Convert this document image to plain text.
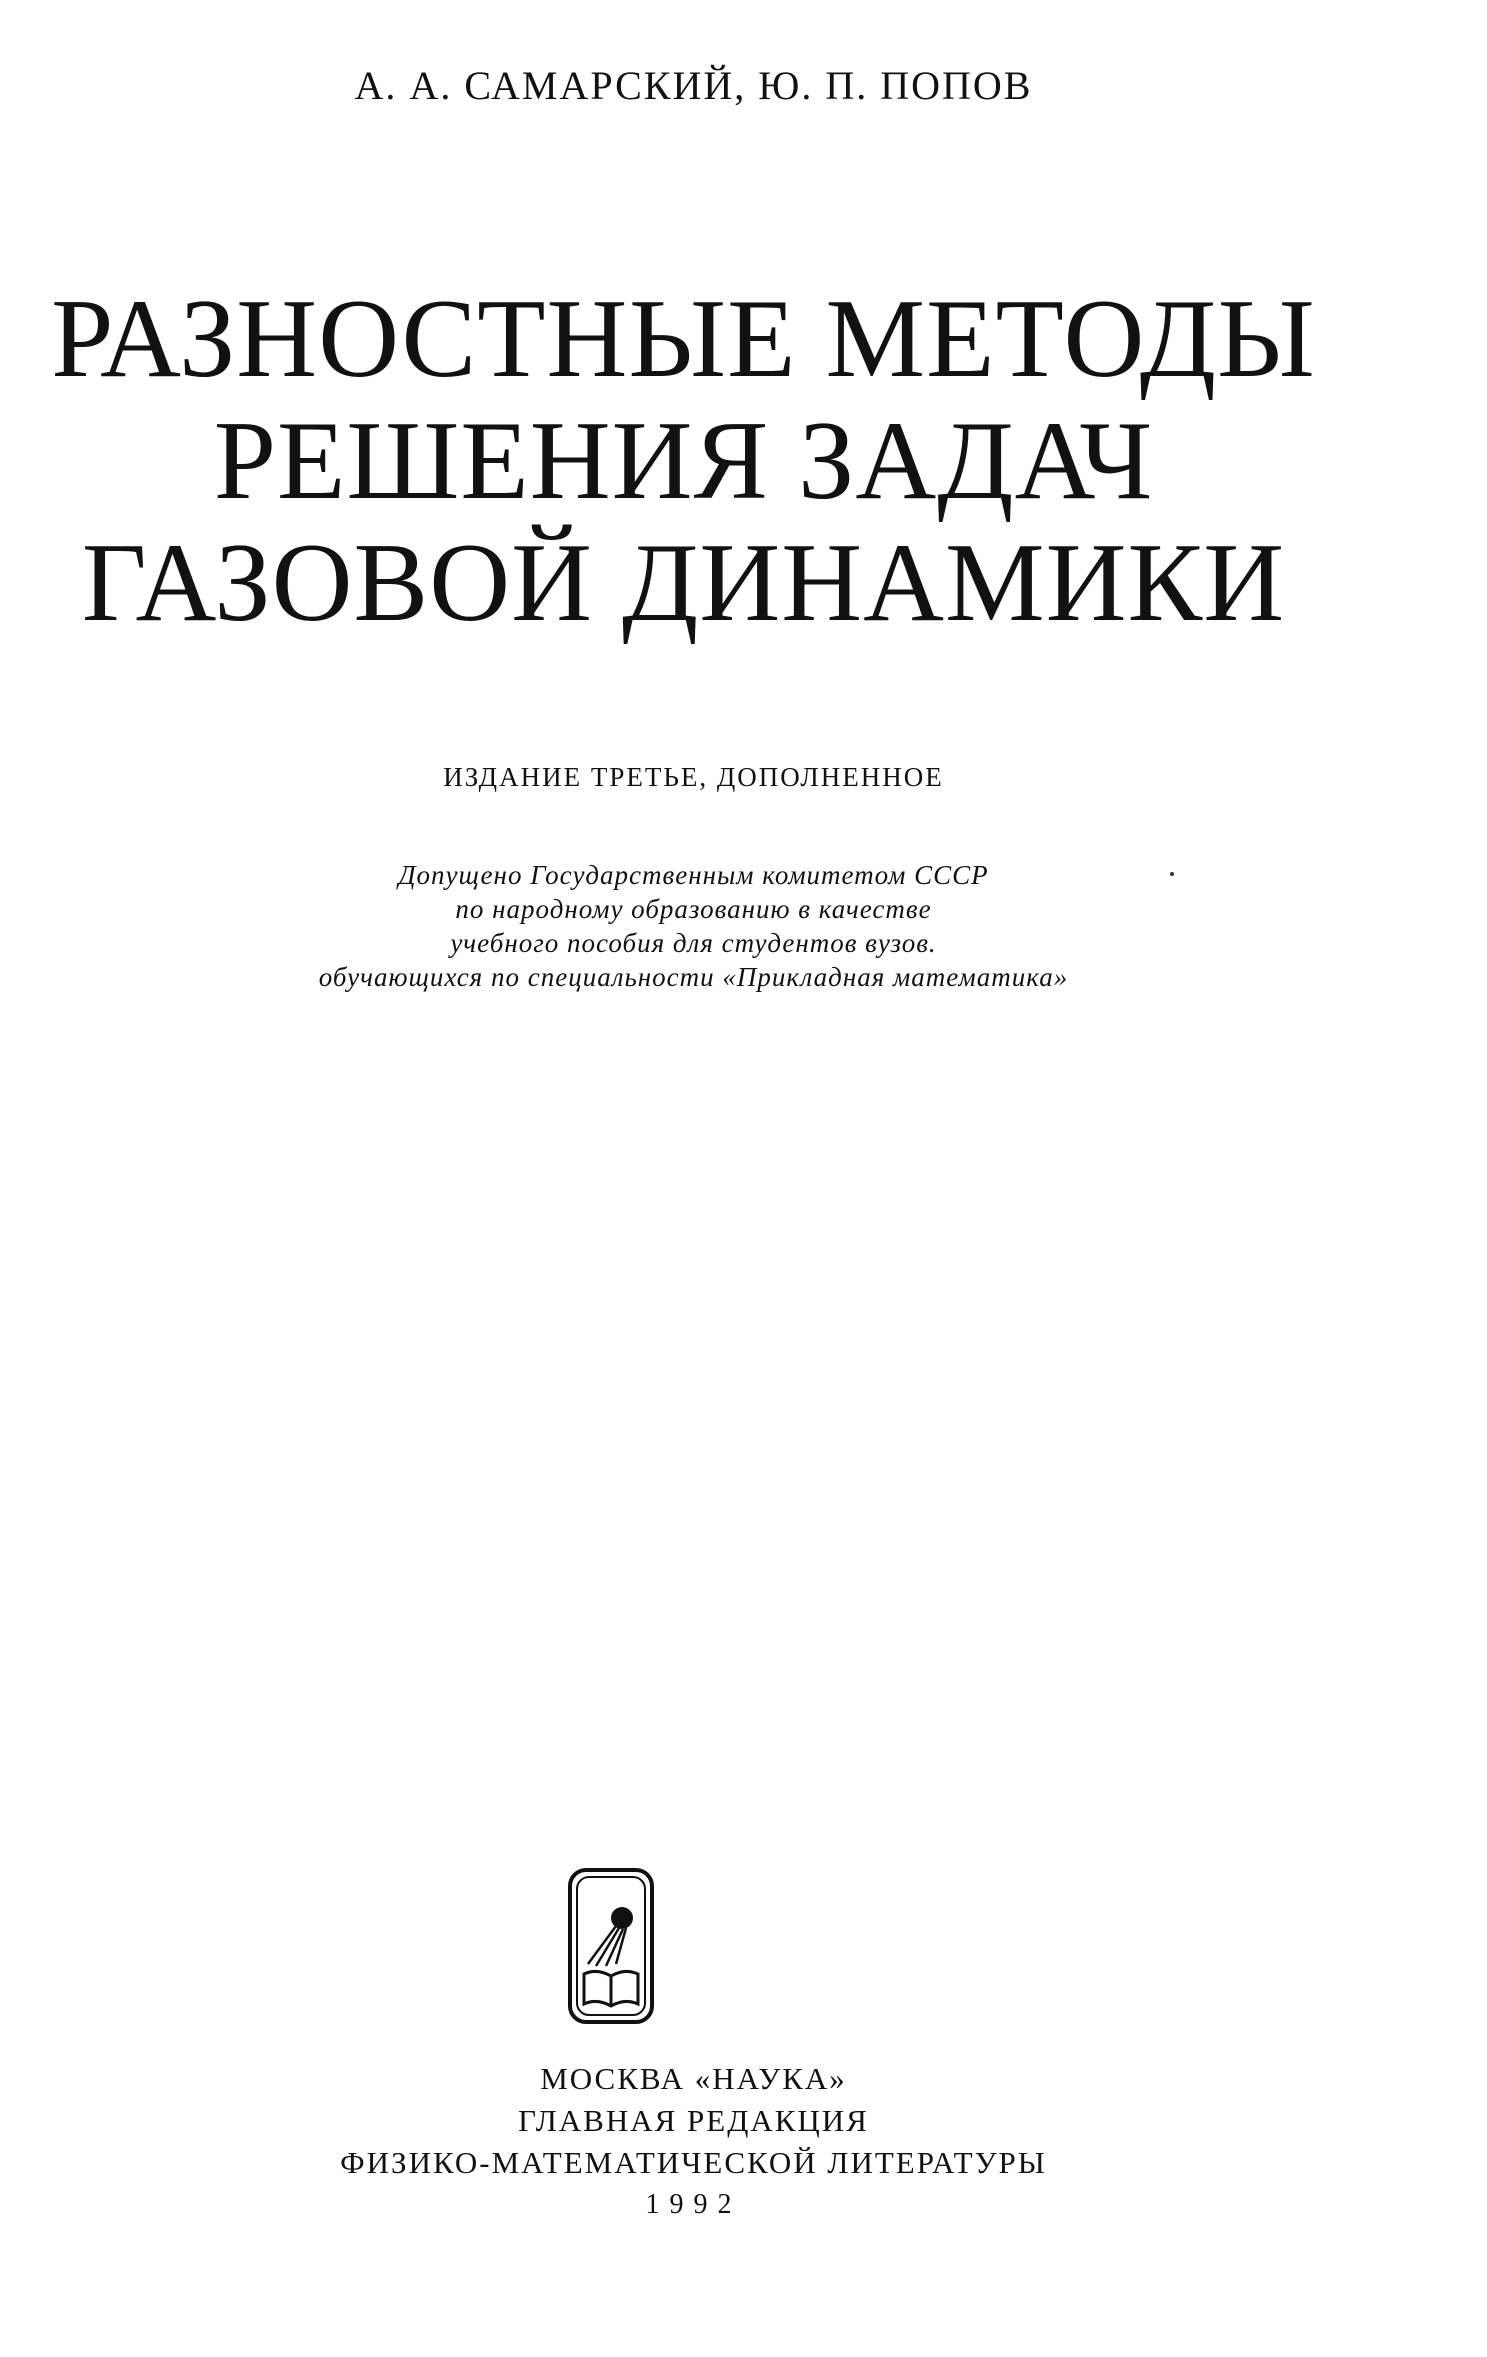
А. А. САМАРСКИЙ, Ю. П. ПОПОВ
РАЗНОСТНЫЕ МЕТОДЫ
РЕШЕНИЯ ЗАДАЧ
ГАЗОВОЙ ДИНАМИКИ
ИЗДАНИЕ ТРЕТЬЕ, ДОПОЛНЕННОЕ
Допущено Государственным комитетом СССР
по народному образованию в качестве
учебного пособия для студентов вузов.
обучающихся по специальности «Прикладная математика»
МОСКВА «НАУКА»
ГЛАВНАЯ РЕДАКЦИЯ
ФИЗИКО-МАТЕМАТИЧЕСКОЙ ЛИТЕРАТУРЫ
1992
